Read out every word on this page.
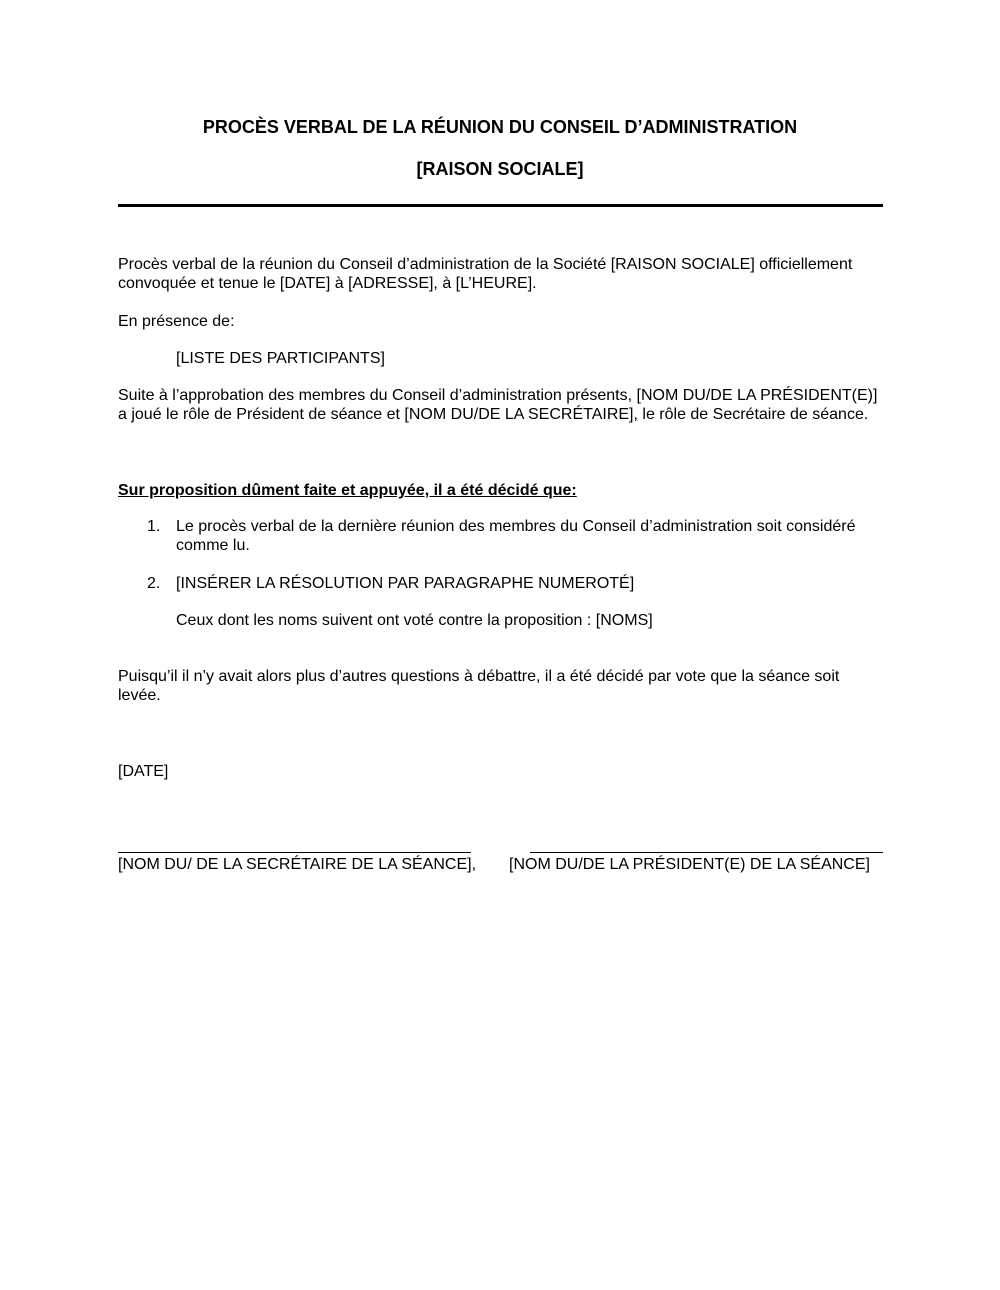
PROCÈS VERBAL DE LA RÉUNION DU CONSEIL D’ADMINISTRATION
[RAISON SOCIALE]

Procès verbal de la réunion du Conseil d’administration de la Société [RAISON SOCIALE] officiellement convoquée et tenue le [DATE] à [ADRESSE], à [L’HEURE].

En présence de:

[LISTE DES PARTICIPANTS]

Suite à l’approbation des membres du Conseil d’administration présents, [NOM DU/DE LA PRÉSIDENT(E)] a joué le rôle de Président de séance et [NOM DU/DE LA SECRÉTAIRE], le rôle de Secrétaire de séance.

Sur proposition dûment faite et appuyée, il a été décidé que:

1. Le procès verbal de la dernière réunion des membres du Conseil d’administration soit considéré comme lu.

2. [INSÉRER LA RÉSOLUTION PAR PARAGRAPHE NUMEROTÉ]

Ceux dont les noms suivent ont voté contre la proposition : [NOMS]

Puisqu’il il n’y avait alors plus d’autres questions à débattre, il a été décidé par vote que la séance soit levée.

[DATE]

[NOM DU/ DE LA SECRÉTAIRE DE LA SÉANCE], [NOM DU/DE LA PRÉSIDENT(E) DE LA SÉANCE]
